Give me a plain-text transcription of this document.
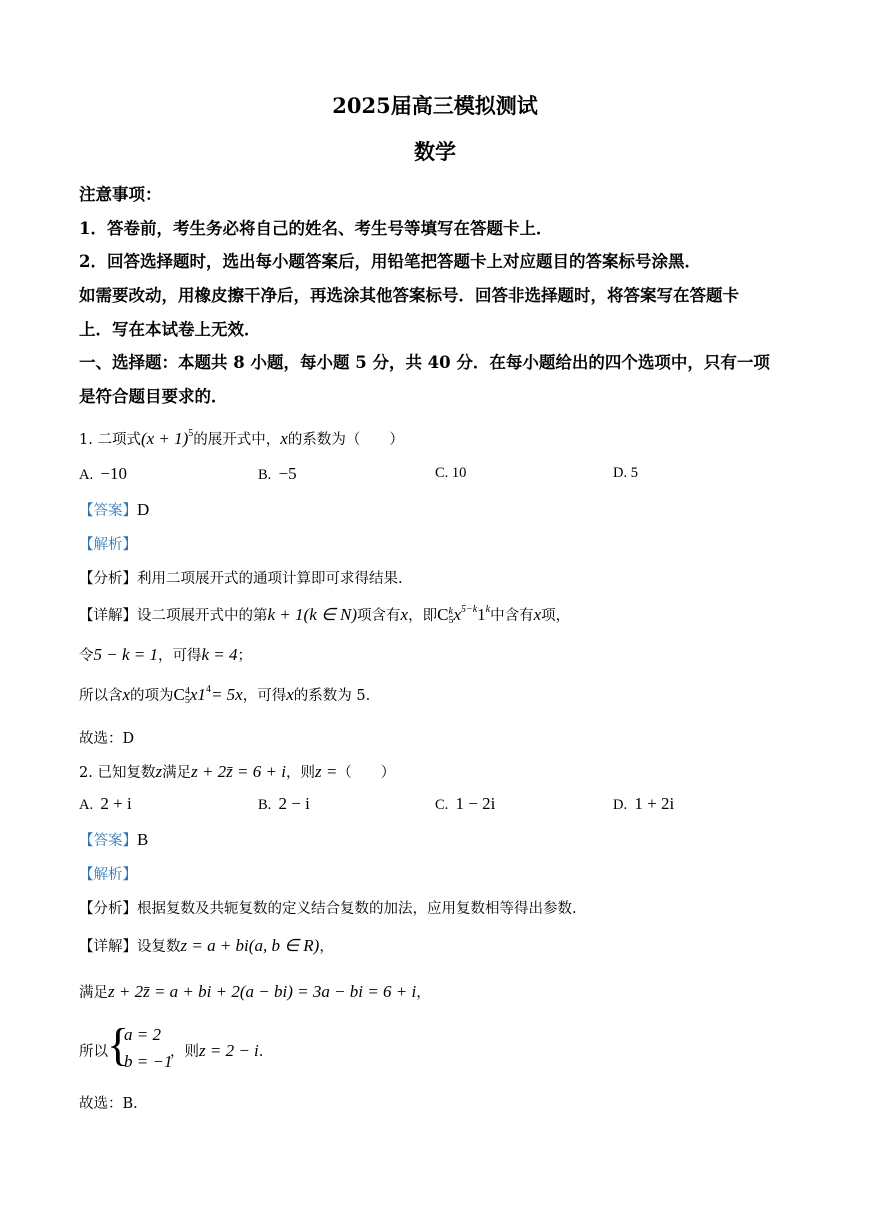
2025届高三模拟测试
数学
注意事项：
1．答卷前，考生务必将自己的姓名、考生号等填写在答题卡上．
2．回答选择题时，选出每小题答案后，用铅笔把答题卡上对应题目的答案标号涂黑．
如需要改动，用橡皮擦干净后，再选涂其他答案标号．回答非选择题时，将答案写在答题卡
上．写在本试卷上无效．
一、选择题：本题共 8 小题，每小题 5 分，共 40 分．在每小题给出的四个选项中，只有一项
是符合题目要求的．
1. 二项式$(x + 1)^5$的展开式中，x的系数为（　　）
A. −10	B. −5	C. 10	D. 5
【答案】D
【解析】
【分析】利用二项展开式的通项计算即可求得结果.
【详解】设二项展开式中的第k + 1(k ∈ N)项含有x，即C k
5 $x^{5-k}1^k$中含有x项，
令5 − k = 1，可得k = 4；
所以含x的项为C 4
5 $x1^4= 5x$，可得x的系数为 5.
故选：D
2. 已知复数z满足z + 2z̄ = 6 + i，则z =（　　）
A. 2 + i	B. 2 − i	C. 1 − 2i	D. 1 + 2i
【答案】B
【解析】
【分析】根据复数及共轭复数的定义结合复数的加法，应用复数相等得出参数.
【详解】设复数z = a + bi(a, b ∈ R)，
满足z + 2z̄ = a + bi + 2(a − bi) = 3a − bi = 6 + i，
所以 {
a = 2
b = −1
，则z = 2 − i.
故选：B.
